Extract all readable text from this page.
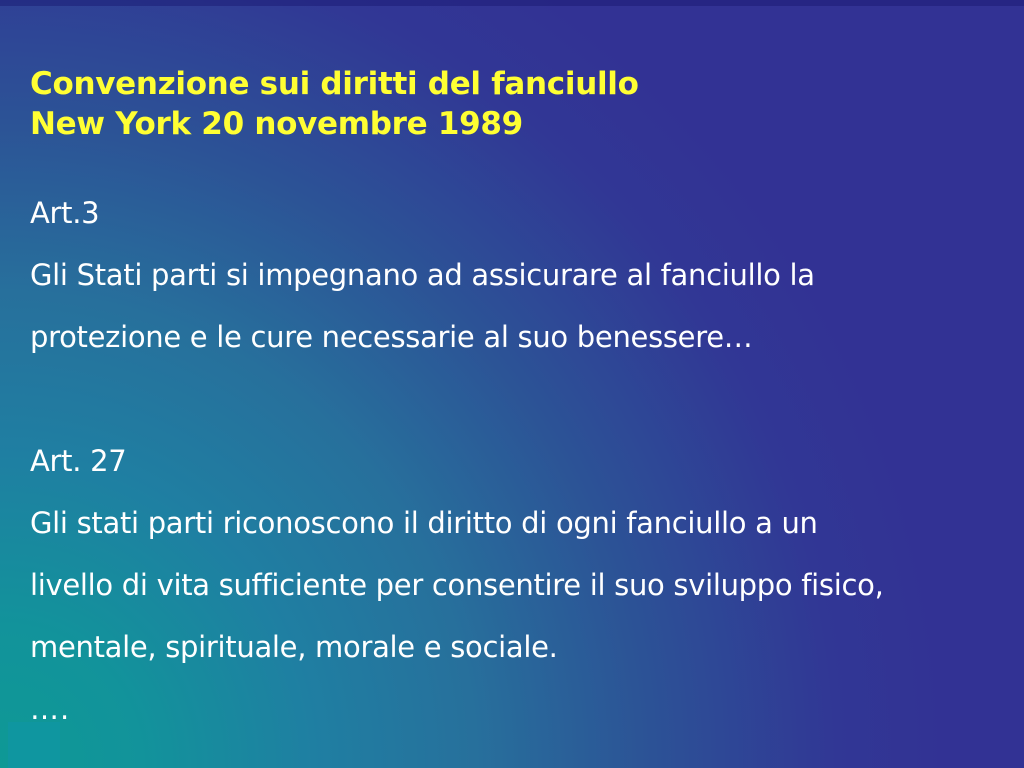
Convenzione sui diritti del fanciullo
New York 20 novembre 1989
Art.3
Gli Stati parti si impegnano ad assicurare al fanciullo la
protezione e le cure necessarie al suo benessere…
Art. 27
Gli stati parti riconoscono il diritto di ogni fanciullo a un
livello di vita sufficiente per consentire il suo sviluppo fisico,
mentale, spirituale, morale e sociale.
….
